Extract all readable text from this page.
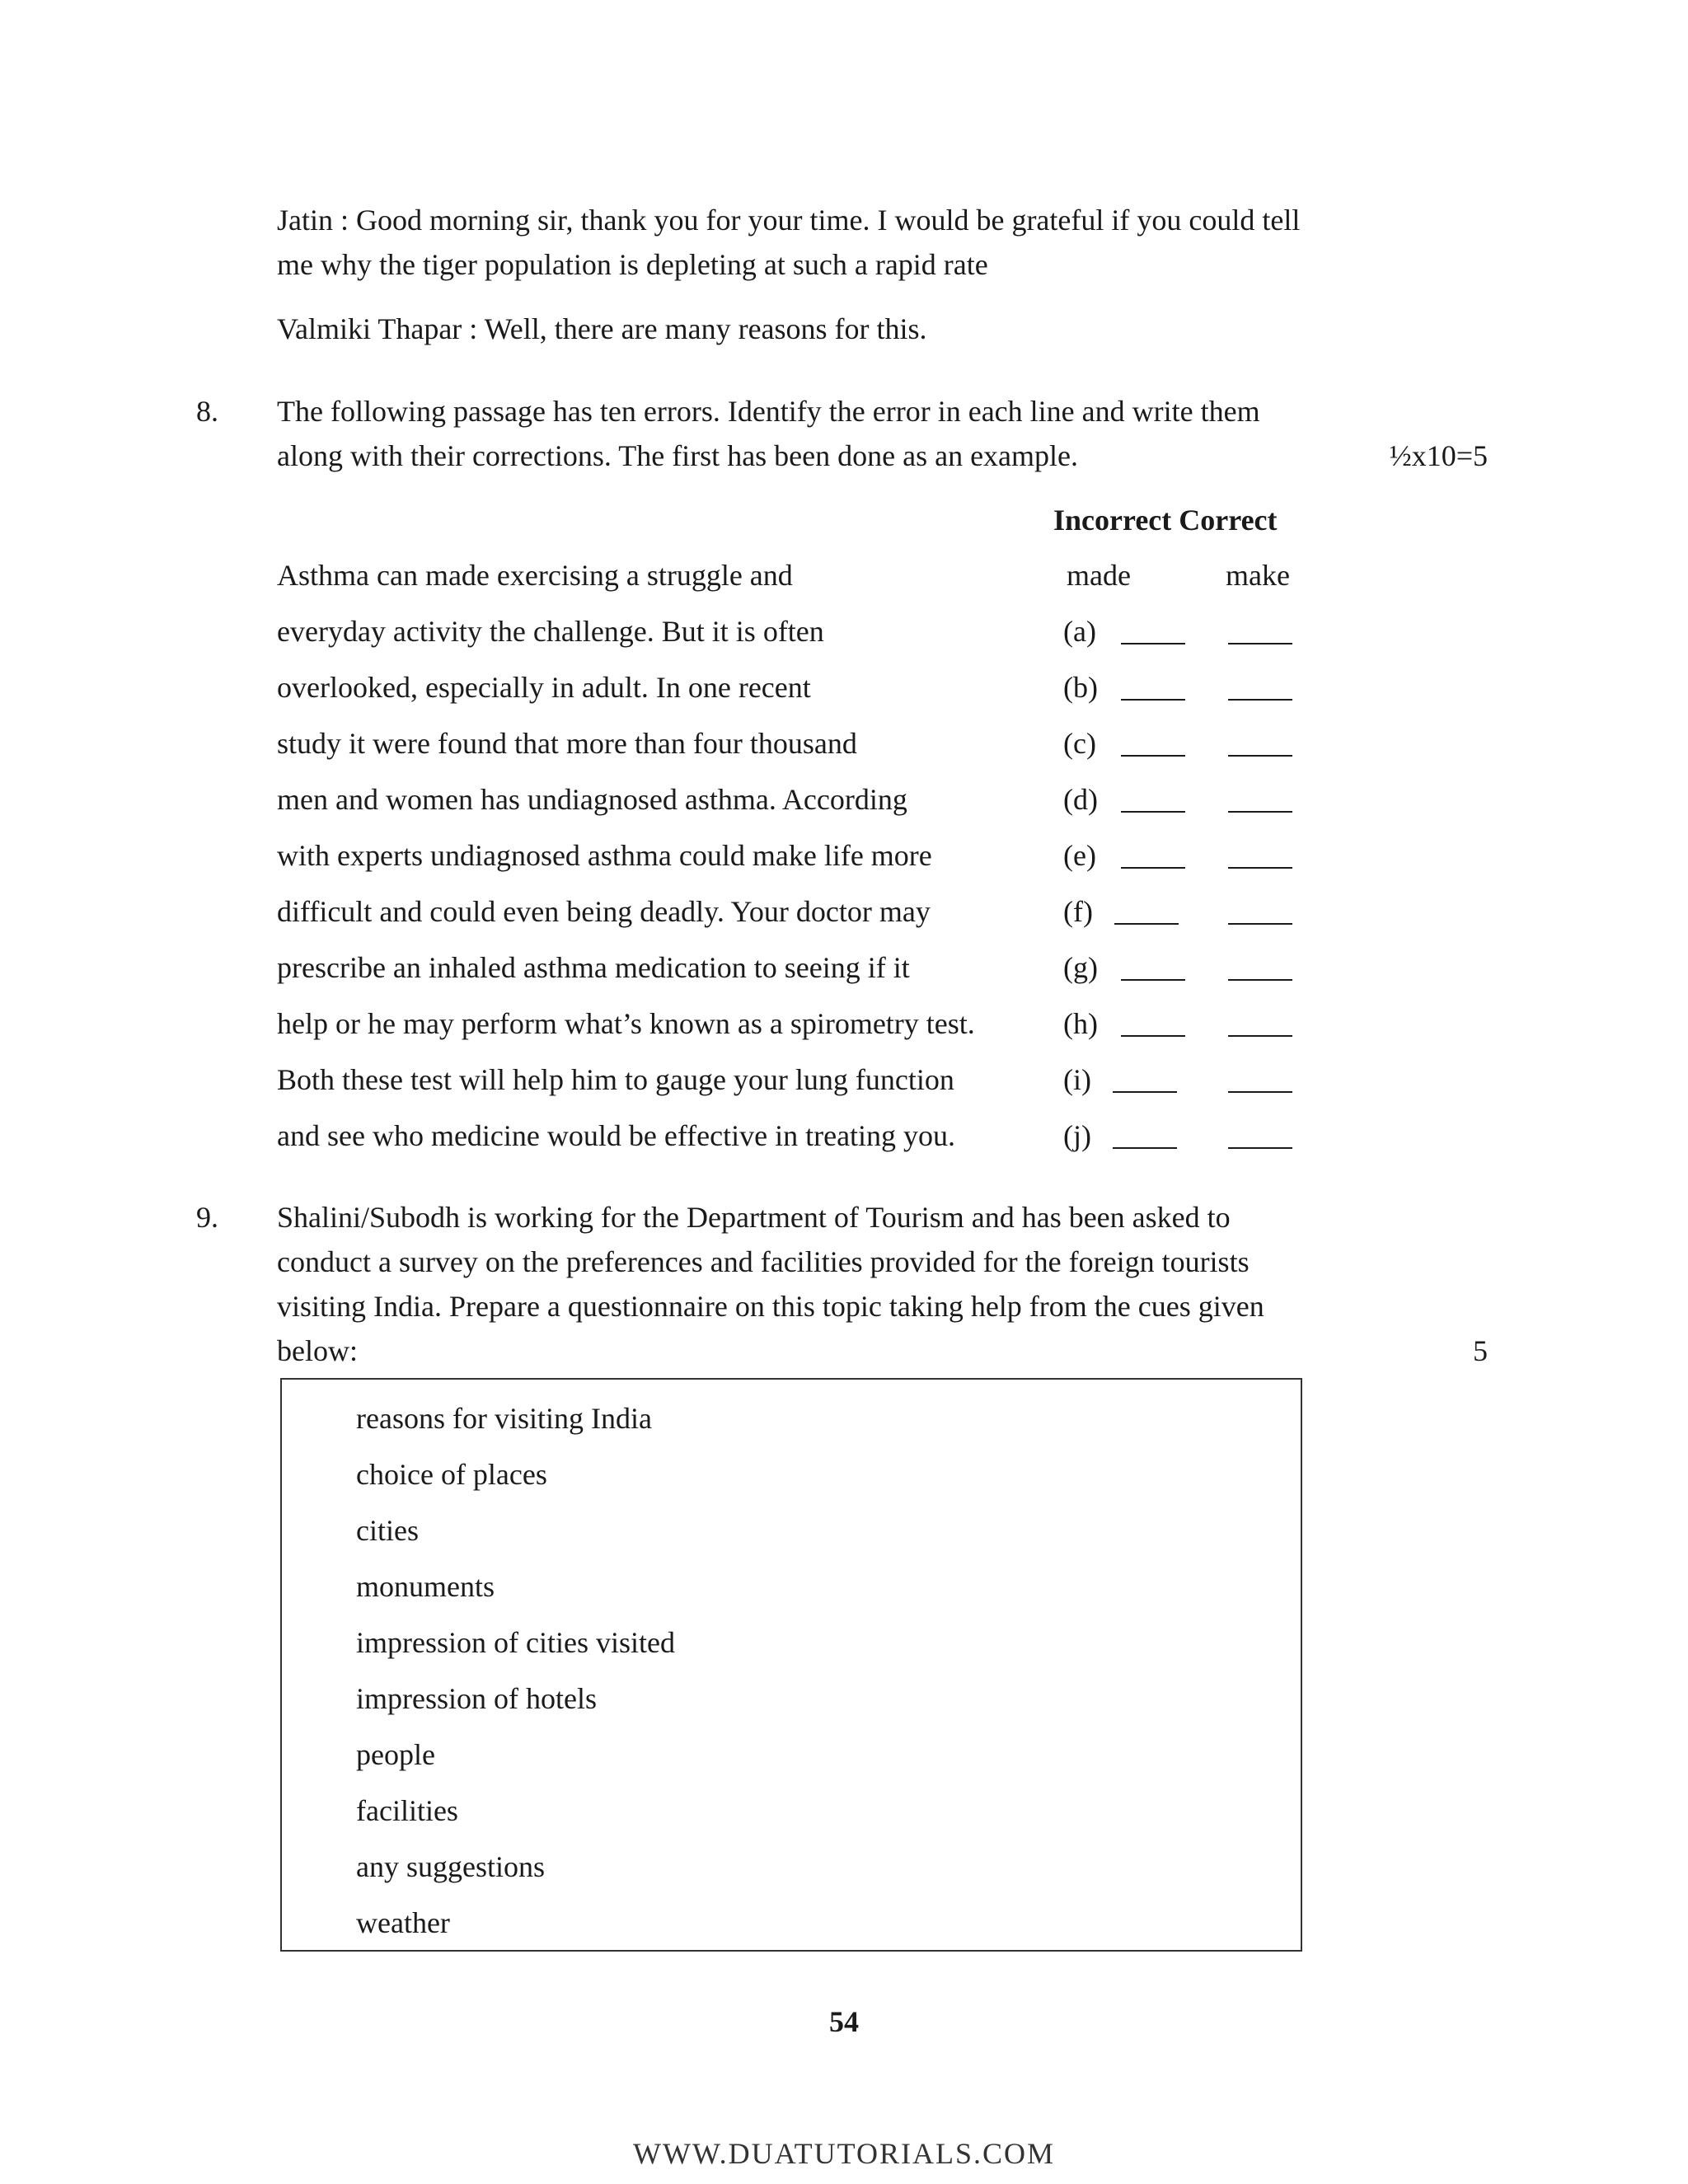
Jatin : Good morning sir, thank you for your time. I would be grateful if you could tell
me why the tiger population is depleting at such a rapid rate
Valmiki Thapar : Well, there are many reasons for this.
8. The following passage has ten errors. Identify the error in each line and write them
along with their corrections. The first has been done as an example.	½x10=5
Incorrect Correct
Asthma can made exercising a struggle and	made	make
everyday activity the challenge. But it is often	(a)
overlooked, especially in adult. In one recent	(b)
study it were found that more than four thousand	(c)
men and women has undiagnosed asthma. According	(d)
with experts undiagnosed asthma could make life more	(e)
difficult and could even being deadly. Your doctor may	(f)
prescribe an inhaled asthma medication to seeing if it	(g)
help or he may perform what’s known as a spirometry test.	(h)
Both these test will help him to gauge your lung function	(i)
and see who medicine would be effective in treating you.	(j)
9. Shalini/Subodh is working for the Department of Tourism and has been asked to
conduct a survey on the preferences and facilities provided for the foreign tourists
visiting India. Prepare a questionnaire on this topic taking help from the cues given
below:	5
reasons for visiting India
choice of places
cities
monuments
impression of cities visited
impression of hotels
people
facilities
any suggestions
weather
54
WWW.DUATUTORIALS.COM
